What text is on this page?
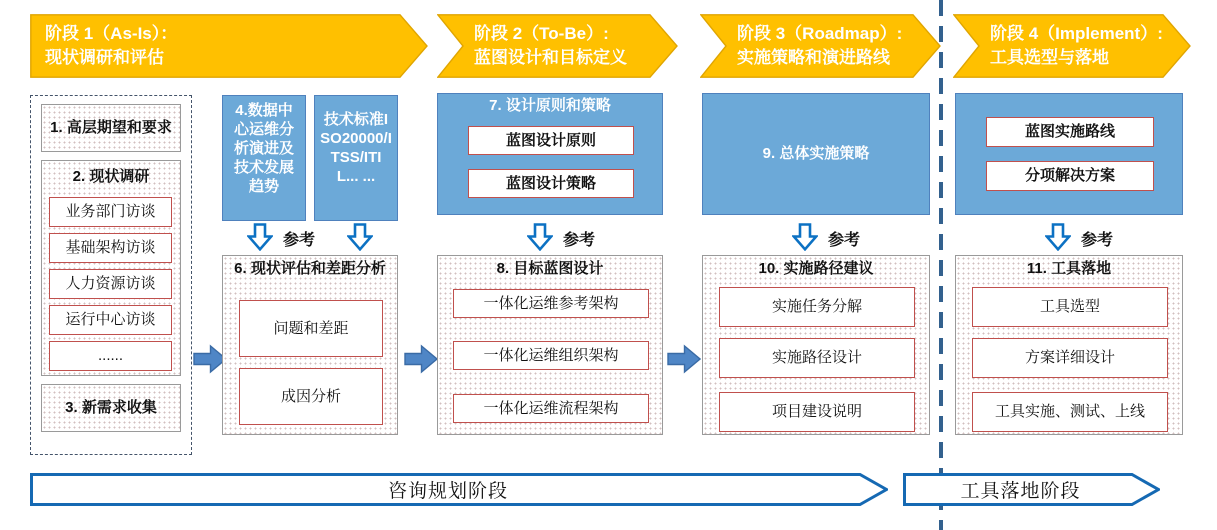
阶段 1（As-Is）：
现状调研和评估
阶段 2（To-Be）:
蓝图设计和目标定义
阶段 3（Roadmap）:
实施策略和演进路线
阶段 4（Implement）:
工具选型与落地
1. 高层期望和要求
2. 现状调研
业务部门访谈
基础架构访谈
人力资源访谈
运行中心访谈
......
3. 新需求收集
4.数据中心运维分析演进及技术发展趋势
技术标准ISO20000/ITSS/ITIL... ...
参考
6. 现状评估和差距分析
问题和差距
成因分析
7. 设计原则和策略
蓝图设计原则
蓝图设计策略
参考
8. 目标蓝图设计
一体化运维参考架构
一体化运维组织架构
一体化运维流程架构
9. 总体实施策略
参考
10. 实施路径建议
实施任务分解
实施路径设计
项目建设说明
蓝图实施路线
分项解决方案
参考
11. 工具落地
工具选型
方案详细设计
工具实施、测试、上线
咨询规划阶段	工具落地阶段
